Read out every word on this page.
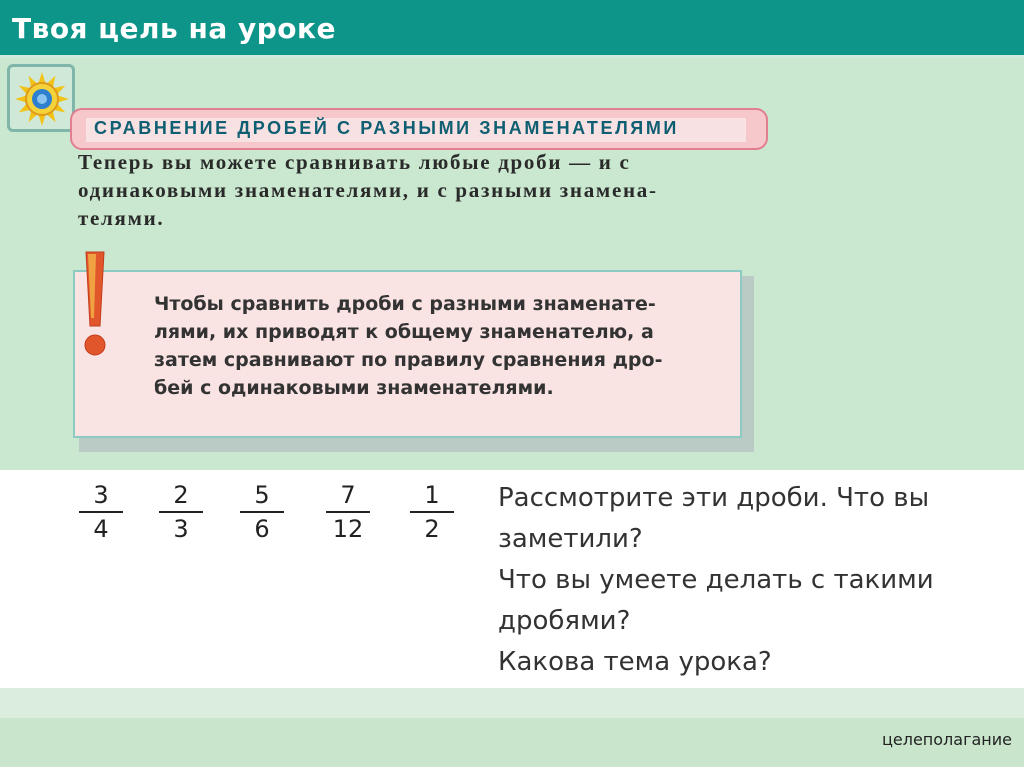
Твоя цель на уроке
СРАВНЕНИЕ ДРОБЕЙ С РАЗНЫМИ ЗНАМЕНАТЕЛЯМИ
Теперь вы можете сравнивать любые дроби — и с
одинаковыми знаменателями, и с разными знамена-
телями.
Чтобы сравнить дроби с разными знаменате-
лями, их приводят к общему знаменателю, а
затем сравнивают по правилу сравнения дро-
бей с одинаковыми знаменателями.
3
4
2
3
5
6
7
12
1
2
Рассмотрите эти дроби. Что вы
заметили?
Что вы умеете делать с такими
дробями?
Какова тема урока?
целеполагание
